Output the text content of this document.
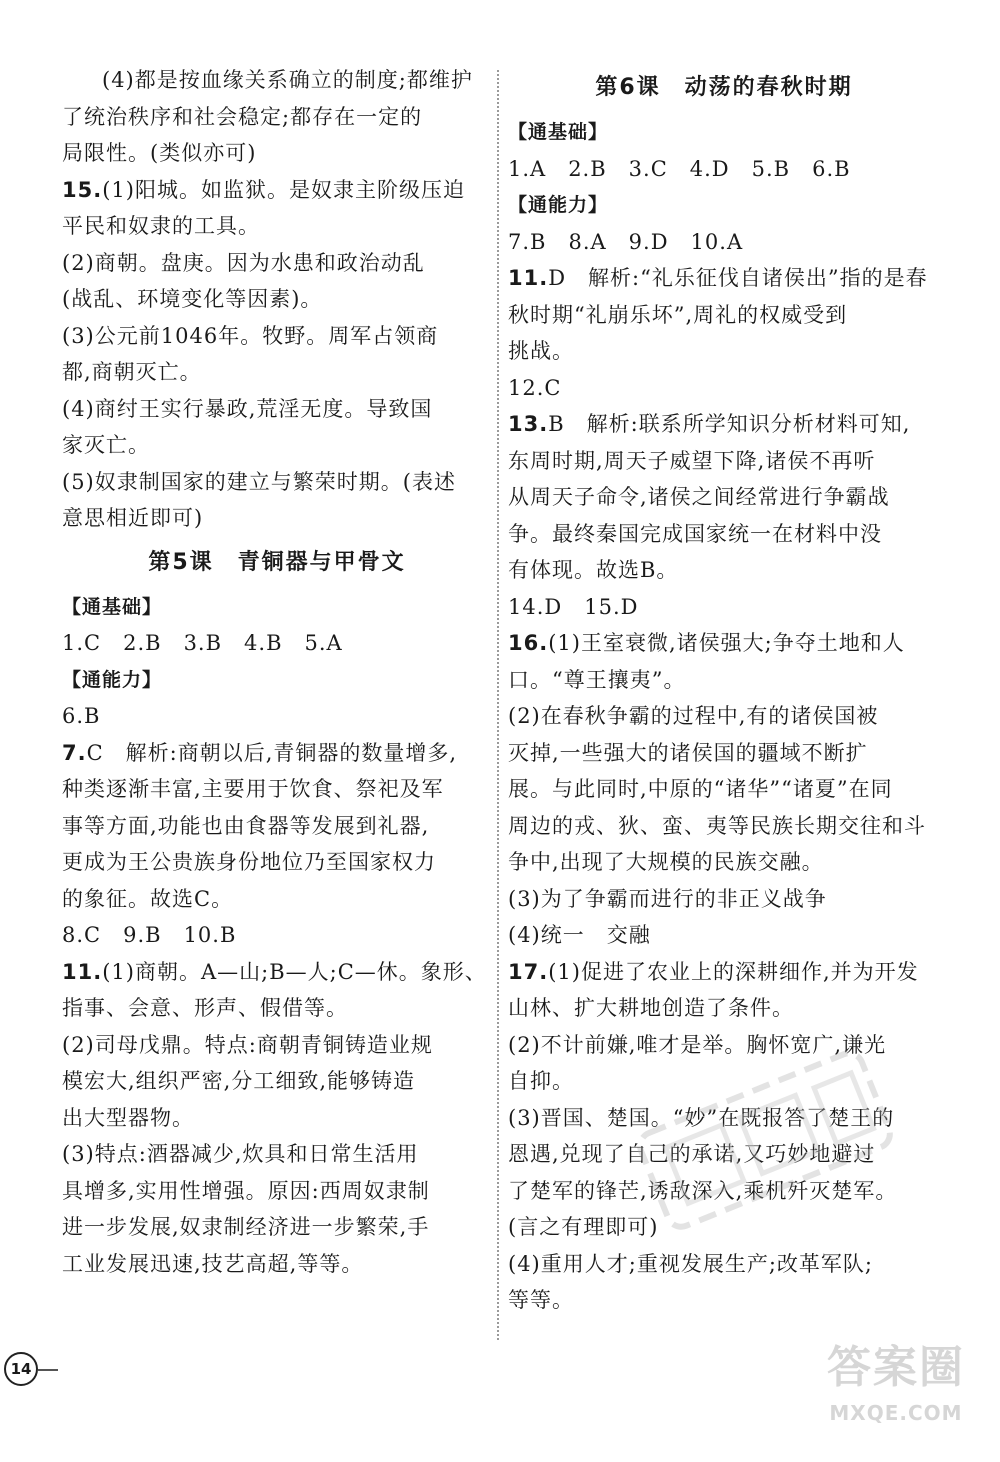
(4)都是按血缘关系确立的制度;都维护
了统治秩序和社会稳定;都存在一定的
局限性。(类似亦可)
15.(1)阳城。如监狱。是奴隶主阶级压迫
平民和奴隶的工具。
(2)商朝。盘庚。因为水患和政治动乱
(战乱、环境变化等因素)。
(3)公元前1046年。牧野。周军占领商
都,商朝灭亡。
(4)商纣王实行暴政,荒淫无度。导致国
家灭亡。
(5)奴隶制国家的建立与繁荣时期。(表述
意思相近即可)
第5课　青铜器与甲骨文
【通基础】
1.C　2.B　3.B　4.B　5.A
【通能力】
6.B
7.C　解析:商朝以后,青铜器的数量增多,
种类逐渐丰富,主要用于饮食、祭祀及军
事等方面,功能也由食器等发展到礼器,
更成为王公贵族身份地位乃至国家权力
的象征。故选C。
8.C　9.B　10.B
11.(1)商朝。A—山;B—人;C—休。象形、
指事、会意、形声、假借等。
(2)司母戊鼎。特点:商朝青铜铸造业规
模宏大,组织严密,分工细致,能够铸造
出大型器物。
(3)特点:酒器减少,炊具和日常生活用
具增多,实用性增强。原因:西周奴隶制
进一步发展,奴隶制经济进一步繁荣,手
工业发展迅速,技艺高超,等等。
第6课　动荡的春秋时期
【通基础】
1.A　2.B　3.C　4.D　5.B　6.B
【通能力】
7.B　8.A　9.D　10.A
11.D　解析:“礼乐征伐自诸侯出”指的是春
秋时期“礼崩乐坏”,周礼的权威受到
挑战。
12.C
13.B　解析:联系所学知识分析材料可知,
东周时期,周天子威望下降,诸侯不再听
从周天子命令,诸侯之间经常进行争霸战
争。最终秦国完成国家统一在材料中没
有体现。故选B。
14.D　15.D
16.(1)王室衰微,诸侯强大;争夺土地和人
口。“尊王攘夷”。
(2)在春秋争霸的过程中,有的诸侯国被
灭掉,一些强大的诸侯国的疆域不断扩
展。与此同时,中原的“诸华”“诸夏”在同
周边的戎、狄、蛮、夷等民族长期交往和斗
争中,出现了大规模的民族交融。
(3)为了争霸而进行的非正义战争
(4)统一　交融
17.(1)促进了农业上的深耕细作,并为开发
山林、扩大耕地创造了条件。
(2)不计前嫌,唯才是举。胸怀宽广,谦光
自抑。
(3)晋国、楚国。“妙”在既报答了楚王的
恩遇,兑现了自己的承诺,又巧妙地避过
了楚军的锋芒,诱敌深入,乘机歼灭楚军。
(言之有理即可)
(4)重用人才;重视发展生产;改革军队;
等等。
14	答案圈
MXQE.COM
